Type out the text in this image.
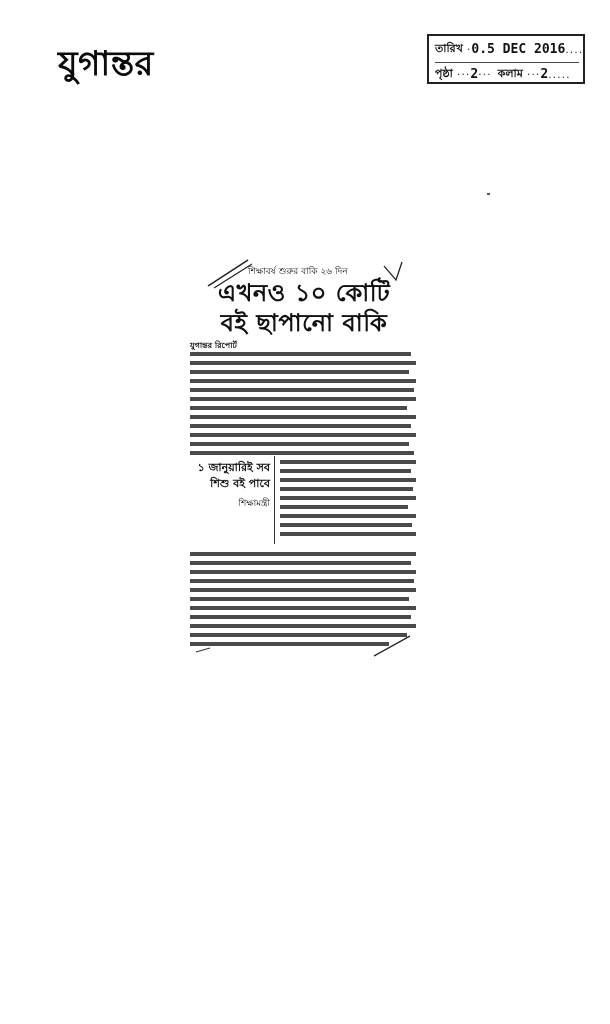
যুগান্তর	তারিখ · 0.5 DEC 2016 ....
পৃষ্ঠা ··· 2 ··· কলাম ··· 2 .....
শিক্ষাবর্ষ শুরুর বাকি ২৬ দিন
এখনও ১০ কোটি
বই ছাপানো বাকি
যুগান্তর রিপোর্ট
১ জানুয়ারিই সব শিশু বই পাবে
শিক্ষামন্ত্রী
